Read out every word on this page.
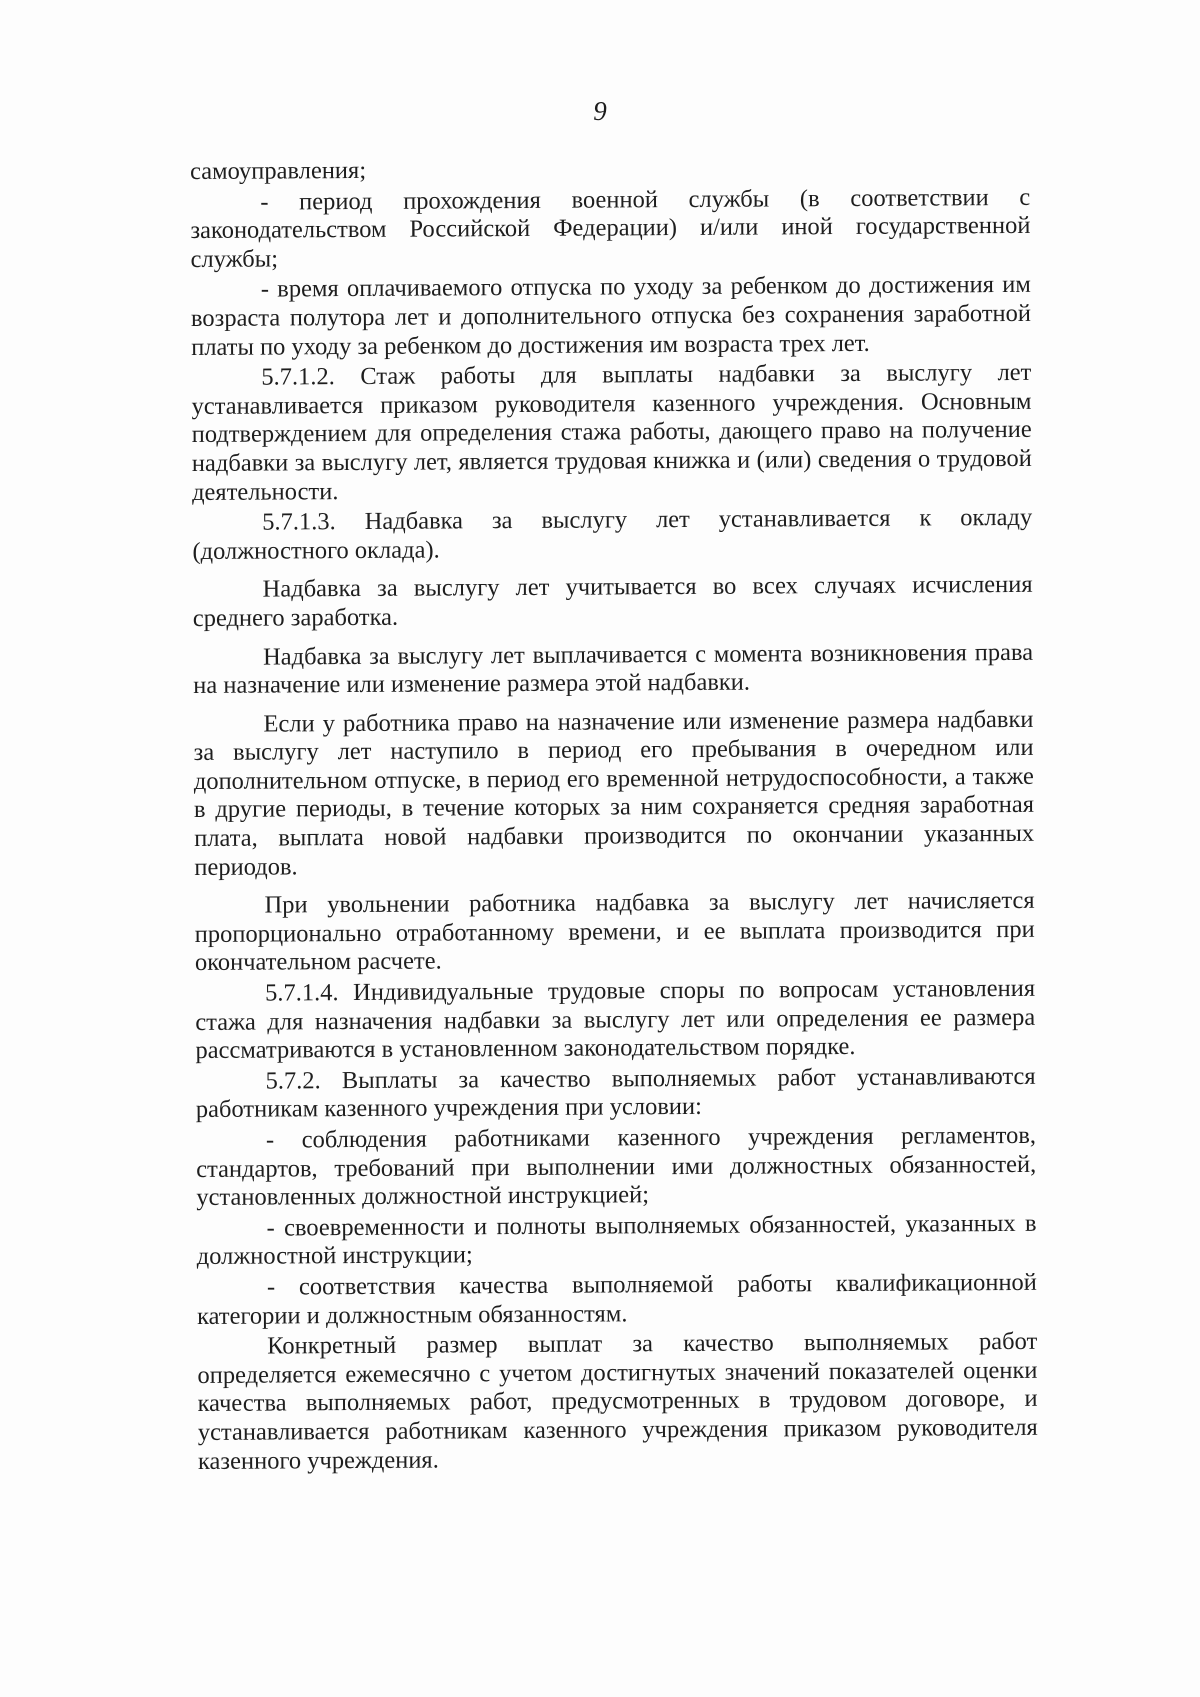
9

самоуправления;

- период прохождения военной службы (в соответствии с законодательством Российской Федерации) и/или иной государственной службы;

- время оплачиваемого отпуска по уходу за ребенком до достижения им возраста полутора лет и дополнительного отпуска без сохранения заработной платы по уходу за ребенком до достижения им возраста трех лет.

5.7.1.2. Стаж работы для выплаты надбавки за выслугу лет устанавливается приказом руководителя казенного учреждения. Основным подтверждением для определения стажа работы, дающего право на получение надбавки за выслугу лет, является трудовая книжка и (или) сведения о трудовой деятельности.

5.7.1.3. Надбавка за выслугу лет устанавливается к окладу (должностного оклада).

Надбавка за выслугу лет учитывается во всех случаях исчисления среднего заработка.

Надбавка за выслугу лет выплачивается с момента возникновения права на назначение или изменение размера этой надбавки.

Если у работника право на назначение или изменение размера надбавки за выслугу лет наступило в период его пребывания в очередном или дополнительном отпуске, в период его временной нетрудоспособности, а также в другие периоды, в течение которых за ним сохраняется средняя заработная плата, выплата новой надбавки производится по окончании указанных периодов.

При увольнении работника надбавка за выслугу лет начисляется пропорционально отработанному времени, и ее выплата производится при окончательном расчете.

5.7.1.4. Индивидуальные трудовые споры по вопросам установления стажа для назначения надбавки за выслугу лет или определения ее размера рассматриваются в установленном законодательством порядке.

5.7.2. Выплаты за качество выполняемых работ устанавливаются работникам казенного учреждения при условии:

- соблюдения работниками казенного учреждения регламентов, стандартов, требований при выполнении ими должностных обязанностей, установленных должностной инструкцией;

- своевременности и полноты выполняемых обязанностей, указанных в должностной инструкции;

- соответствия качества выполняемой работы квалификационной категории и должностным обязанностям.

Конкретный размер выплат за качество выполняемых работ определяется ежемесячно с учетом достигнутых значений показателей оценки качества выполняемых работ, предусмотренных в трудовом договоре, и устанавливается работникам казенного учреждения приказом руководителя казенного учреждения.
